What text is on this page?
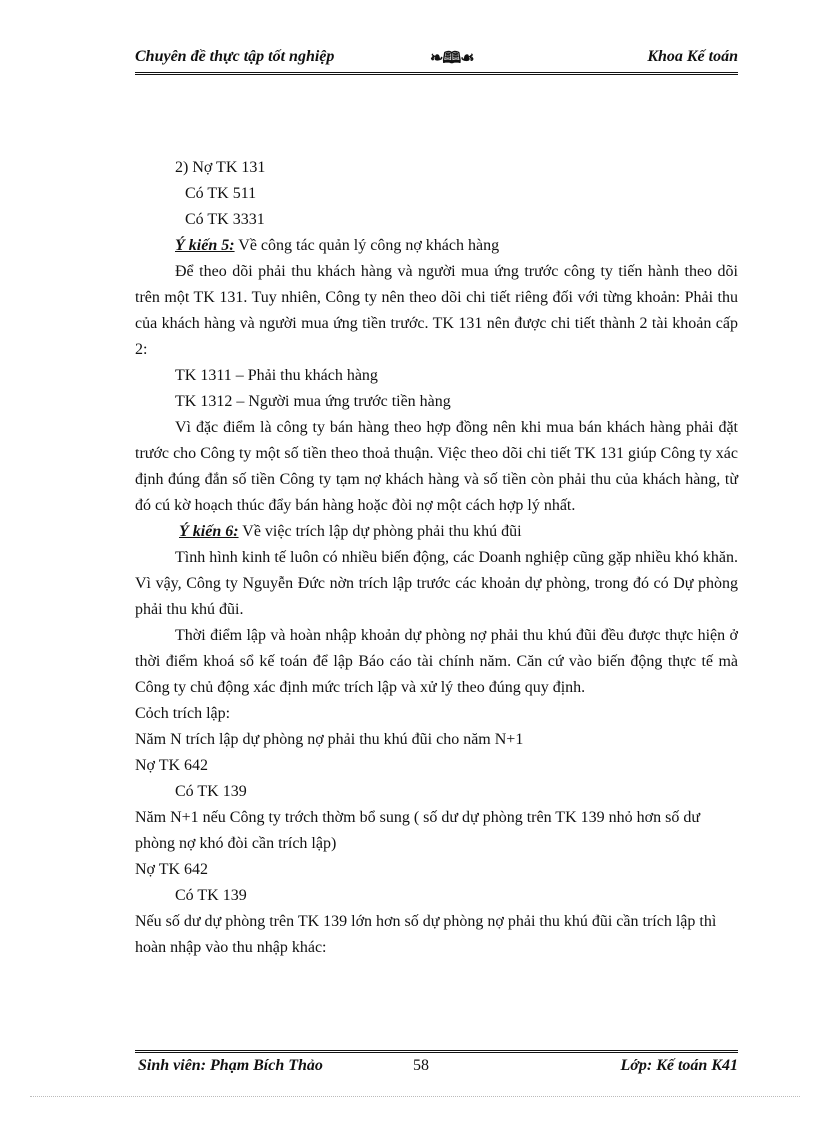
Chuyên đề thực tập tốt nghiệp	❧🕮☙	Khoa Kế toán
2) Nợ TK 131
Có TK 511
Có TK 3331
Ý kiến 5: Về công tác quản lý công nợ khách hàng
Để theo dõi phải thu khách hàng và người mua ứng trước công ty tiến hành theo dõi trên một TK 131. Tuy nhiên, Công ty nên theo dõi chi tiết riêng đối với từng khoản: Phải thu của khách hàng và người mua ứng tiền trước. TK 131 nên được chi tiết thành 2 tài khoản cấp 2:
TK 1311 – Phải thu khách hàng
TK 1312 – Người mua ứng trước tiền hàng
Vì đặc điểm là công ty bán hàng theo hợp đồng nên khi mua bán khách hàng phải đặt trước cho Công ty một số tiền theo thoả thuận. Việc theo dõi chi tiết TK 131 giúp Công ty xác định đúng đắn số tiền Công ty tạm nợ khách hàng và số tiền còn phải thu của khách hàng, từ đó cú kờ hoạch thúc đẩy bán hàng hoặc đòi nợ một cách hợp lý nhất.
Ý kiến 6: Về việc trích lập dự phòng phải thu khú đũi
Tình hình kinh tế luôn có nhiều biến động, các Doanh nghiệp cũng gặp nhiều khó khăn. Vì vậy, Công ty Nguyễn Đức nờn trích lập trước các khoản dự phòng, trong đó có Dự phòng phải thu khú đũi.
Thời điểm lập và hoàn nhập khoản dự phòng nợ phải thu khú đũi đều được thực hiện ở thời điểm khoá sổ kế toán để lập Báo cáo tài chính năm. Căn cứ vào biến động thực tế mà Công ty chủ động xác định mức trích lập và xử lý theo đúng quy định.
Cỏch trích lập:
Năm N trích lập dự phòng nợ phải thu khú đũi cho năm N+1
Nợ TK 642
Có TK 139
Năm N+1 nếu Công ty trớch thờm bổ sung ( số dư dự phòng trên TK 139 nhỏ hơn số dư phòng nợ khó đòi cần trích lập)
Nợ TK 642
Có TK 139
Nếu số dư dự phòng trên TK 139 lớn hơn số dự phòng nợ phải thu khú đũi cần trích lập thì hoàn nhập vào thu nhập khác:
Sinh viên: Phạm Bích Thảo	58	Lớp: Kế toán K41
